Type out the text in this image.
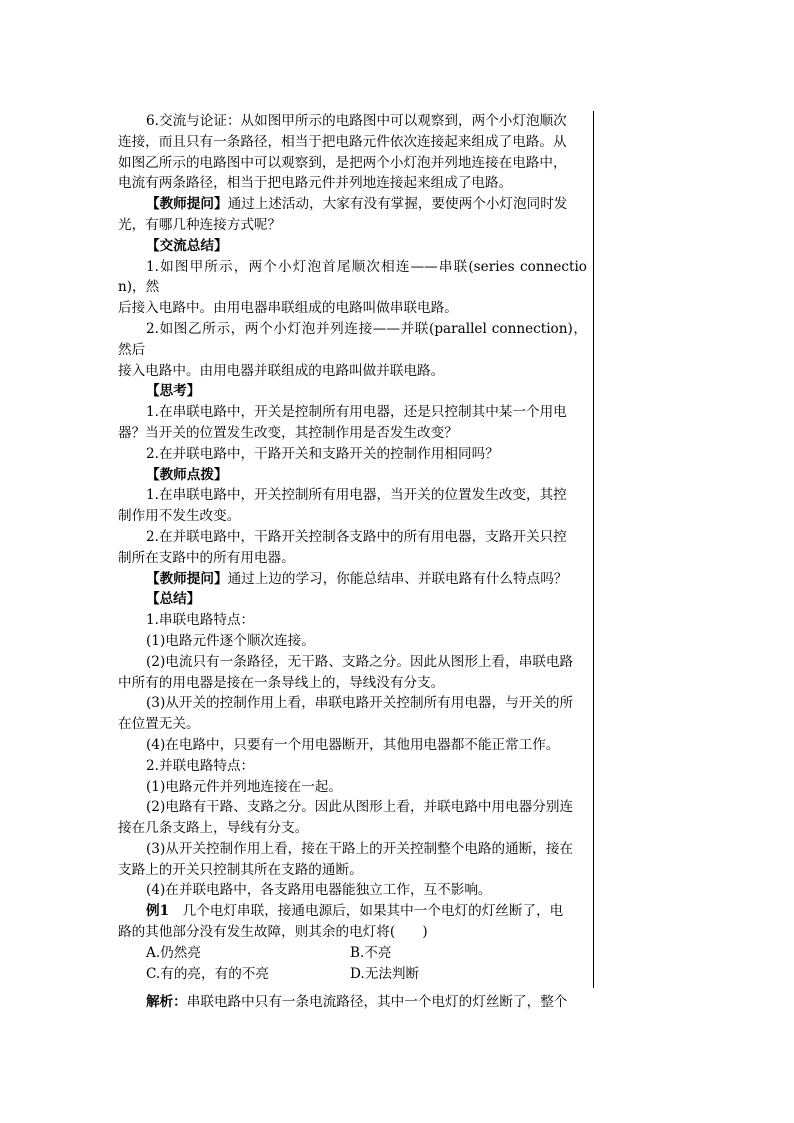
6.交流与论证：从如图甲所示的电路图中可以观察到，两个小灯泡顺次

连接，而且只有一条路径，相当于把电路元件依次连接起来组成了电路。从

如图乙所示的电路图中可以观察到，是把两个小灯泡并列地连接在电路中，

电流有两条路径，相当于把电路元件并列地连接起来组成了电路。

【教师提问】通过上述活动，大家有没有掌握，要使两个小灯泡同时发

光，有哪几种连接方式呢？

【交流总结】

1.如图甲所示，两个小灯泡首尾顺次相连——串联(series connection)，然

后接入电路中。由用电器串联组成的电路叫做串联电路。

2.如图乙所示，两个小灯泡并列连接——并联(parallel connection)，然后

接入电路中。由用电器并联组成的电路叫做并联电路。

【思考】

1.在串联电路中，开关是控制所有用电器，还是只控制其中某一个用电

器？当开关的位置发生改变，其控制作用是否发生改变？

2.在并联电路中，干路开关和支路开关的控制作用相同吗？

【教师点拨】

1.在串联电路中，开关控制所有用电器，当开关的位置发生改变，其控

制作用不发生改变。

2.在并联电路中，干路开关控制各支路中的所有用电器，支路开关只控

制所在支路中的所有用电器。

【教师提问】通过上边的学习，你能总结串、并联电路有什么特点吗？

【总结】

1.串联电路特点：

(1)电路元件逐个顺次连接。

(2)电流只有一条路径，无干路、支路之分。因此从图形上看，串联电路

中所有的用电器是接在一条导线上的，导线没有分支。

(3)从开关的控制作用上看，串联电路开关控制所有用电器，与开关的所

在位置无关。

(4)在电路中，只要有一个用电器断开，其他用电器都不能正常工作。

2.并联电路特点：

(1)电路元件并列地连接在一起。

(2)电路有干路、支路之分。因此从图形上看，并联电路中用电器分别连

接在几条支路上，导线有分支。

(3)从开关控制作用上看，接在干路上的开关控制整个电路的通断，接在

支路上的开关只控制其所在支路的通断。

(4)在并联电路中，各支路用电器能独立工作，互不影响。

例1　 几个电灯串联，接通电源后，如果其中一个电灯的灯丝断了，电

路的其他部分没有发生故障，则其余的电灯将(　　)

A.仍然亮	B.不亮
C.有的亮，有的不亮	D.无法判断

解析：串联电路中只有一条电流路径，其中一个电灯的灯丝断了，整个
